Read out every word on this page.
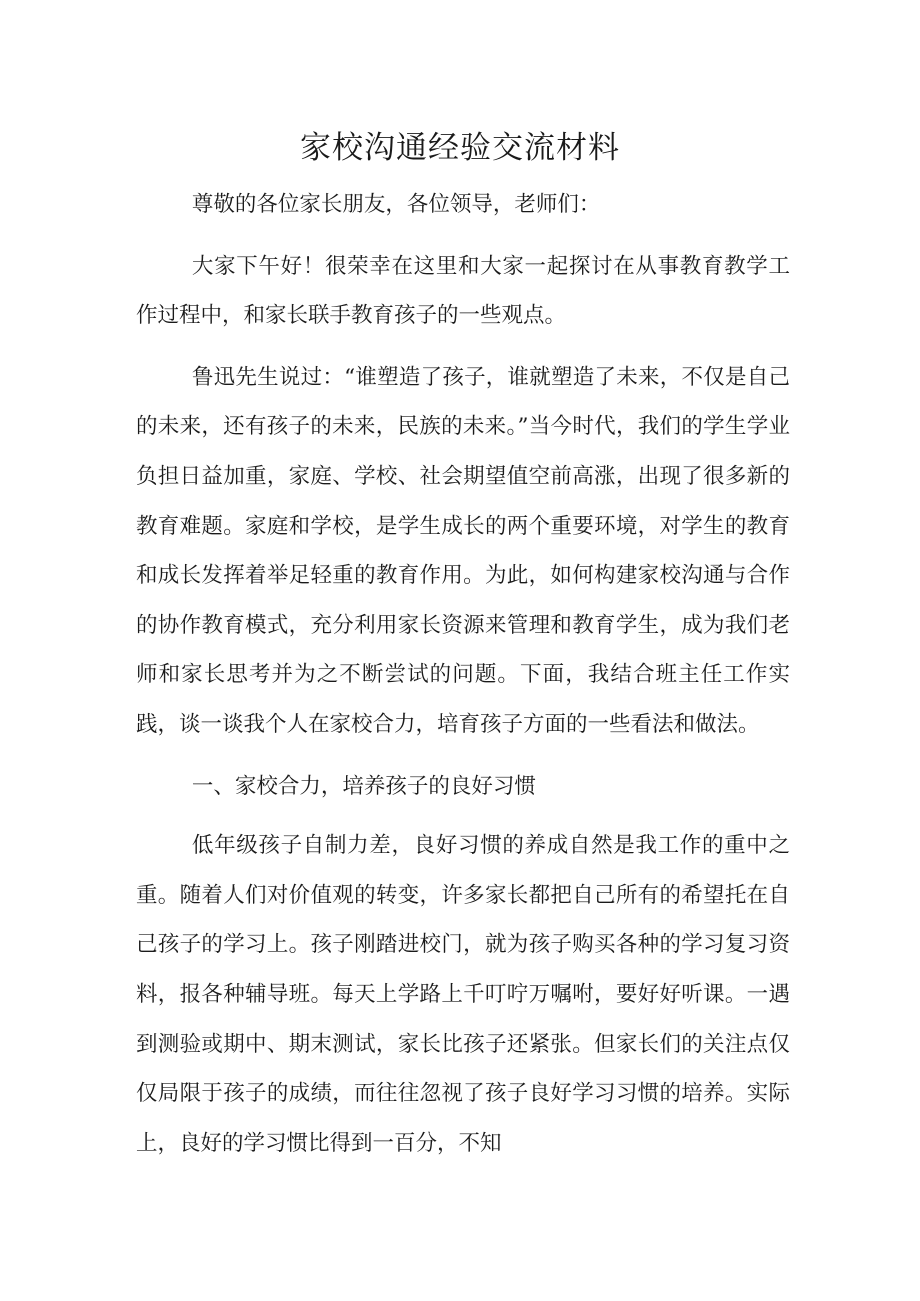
家校沟通经验交流材料

尊敬的各位家长朋友，各位领导，老师们：

大家下午好！很荣幸在这里和大家一起探讨在从事教育教学工作过程中，和家长联手教育孩子的一些观点。

鲁迅先生说过：“谁塑造了孩子，谁就塑造了未来，不仅是自己的未来，还有孩子的未来，民族的未来。”当今时代，我们的学生学业负担日益加重，家庭、学校、社会期望值空前高涨，出现了很多新的教育难题。家庭和学校，是学生成长的两个重要环境，对学生的教育和成长发挥着举足轻重的教育作用。为此，如何构建家校沟通与合作的协作教育模式，充分利用家长资源来管理和教育学生，成为我们老师和家长思考并为之不断尝试的问题。下面，我结合班主任工作实践，谈一谈我个人在家校合力，培育孩子方面的一些看法和做法。

一、家校合力，培养孩子的良好习惯

低年级孩子自制力差，良好习惯的养成自然是我工作的重中之重。随着人们对价值观的转变，许多家长都把自己所有的希望托在自己孩子的学习上。孩子刚踏进校门，就为孩子购买各种的学习复习资料，报各种辅导班。每天上学路上千叮咛万嘱咐，要好好听课。一遇到测验或期中、期末测试，家长比孩子还紧张。但家长们的关注点仅仅局限于孩子的成绩，而往往忽视了孩子良好学习习惯的培养。实际上，良好的学习惯比得到一百分，不知
